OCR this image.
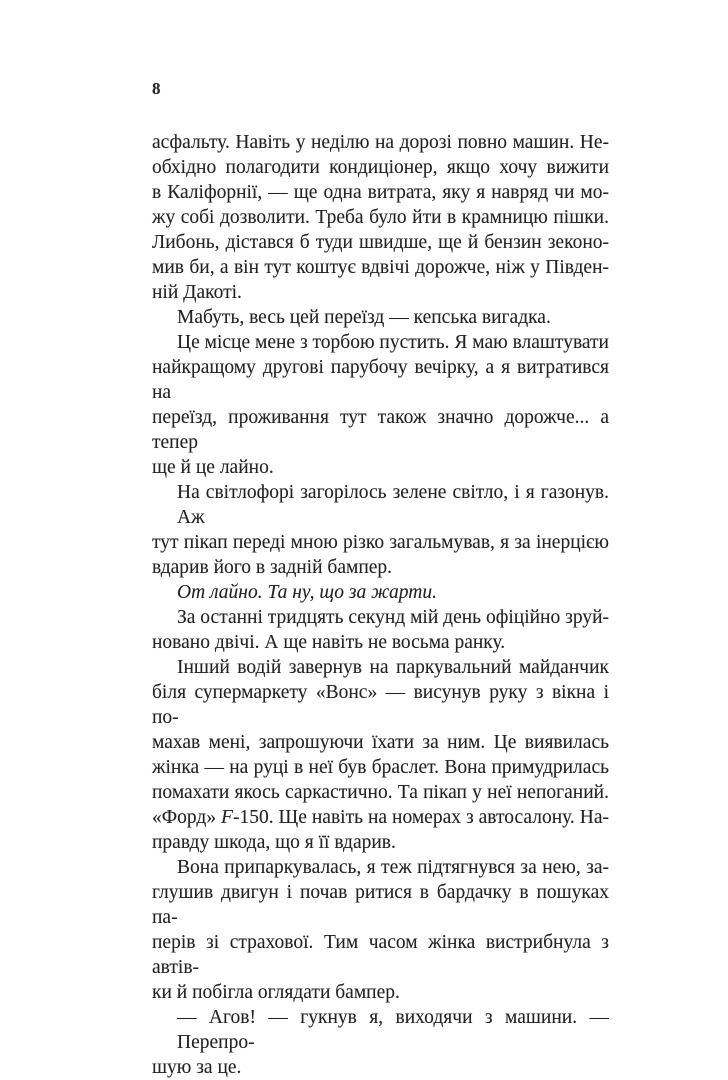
8
асфальту. Навіть у неділю на дорозі повно машин. Не-
обхідно полагодити кондиціонер, якщо хочу вижити
в Каліфорнії, — ще одна витрата, яку я навряд чи мо-
жу собі дозволити. Треба було йти в крамницю пішки.
Либонь, дістався б туди швидше, ще й бензин зеконо-
мив би, а він тут коштує вдвічі дорожче, ніж у Півден-
ній Дакоті.
Мабуть, весь цей переїзд — кепська вигадка.
Це місце мене з торбою пустить. Я маю влаштувати
найкращому другові парубочу вечірку, а я витратився на
переїзд, проживання тут також значно дорожче... а тепер
ще й це лайно.
На світлофорі загорілось зелене світло, і я газонув. Аж
тут пікап переді мною різко загальмував, я за інерцією
вдарив його в задній бампер.
От лайно. Та ну, що за жарти.
За останні тридцять секунд мій день офіційно зруй-
новано двічі. А ще навіть не восьма ранку.
Інший водій завернув на паркувальний майданчик
біля супермаркету «Вонс» — висунув руку з вікна і по-
махав мені, запрошуючи їхати за ним. Це виявилась
жінка — на руці в неї був браслет. Вона примудрилась
помахати якось саркастично. Та пікап у неї непоганий.
«Форд» F-150. Ще навіть на номерах з автосалону. На-
правду шкода, що я її вдарив.
Вона припаркувалась, я теж підтягнувся за нею, за-
глушив двигун і почав ритися в бардачку в пошуках па-
перів зі страхової. Тим часом жінка вистрибнула з автів-
ки й побігла оглядати бампер.
— Агов! — гукнув я, виходячи з машини. — Перепро-
шую за це.
